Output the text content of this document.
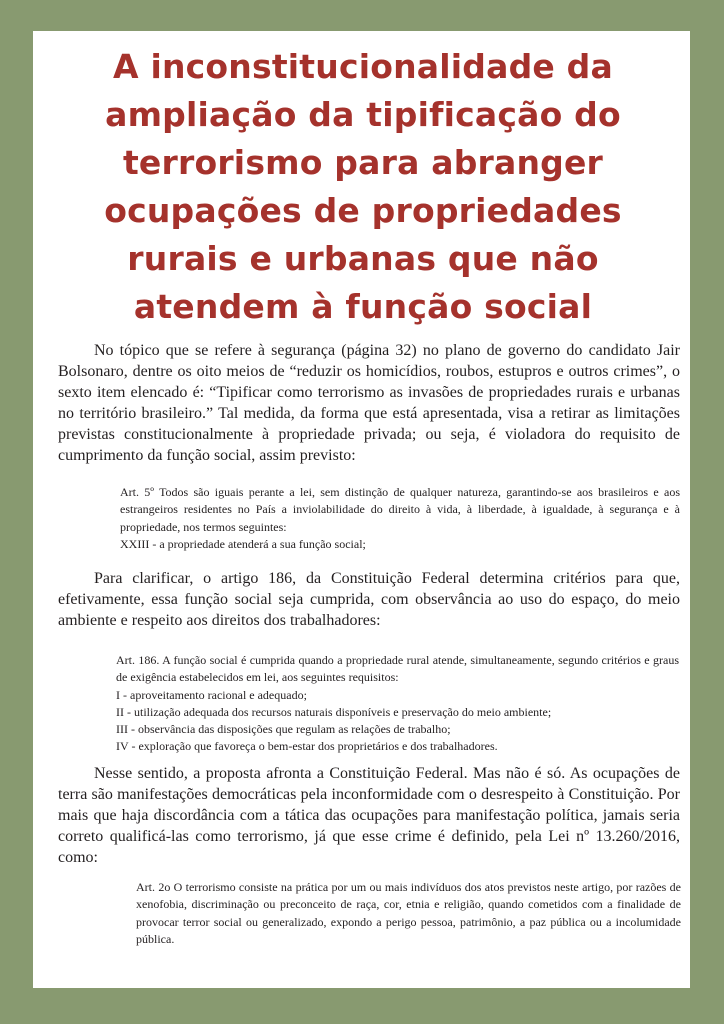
A inconstitucionalidade da ampliação da tipificação do terrorismo para abranger ocupações de propriedades rurais e urbanas que não atendem à função social

No tópico que se refere à segurança (página 32) no plano de governo do candidato Jair Bolsonaro, dentre os oito meios de “reduzir os homicídios, roubos, estupros e outros crimes”, o sexto item elencado é: “Tipificar como terrorismo as invasões de propriedades rurais e urbanas no território brasileiro.” Tal medida, da forma que está apresentada, visa a retirar as limitações previstas constitucionalmente à propriedade privada; ou seja, é violadora do requisito de cumprimento da função social, assim previsto:

Art. 5º Todos são iguais perante a lei, sem distinção de qualquer natureza, garantindo-se aos brasileiros e aos estrangeiros residentes no País a inviolabilidade do direito à vida, à liberdade, à igualdade, à segurança e à propriedade, nos termos seguintes:
XXIII - a propriedade atenderá a sua função social;

Para clarificar, o artigo 186, da Constituição Federal determina critérios para que, efetivamente, essa função social seja cumprida, com observância ao uso do espaço, do meio ambiente e respeito aos direitos dos trabalhadores:

Art. 186. A função social é cumprida quando a propriedade rural atende, simultaneamente, segundo critérios e graus de exigência estabelecidos em lei, aos seguintes requisitos:
I - aproveitamento racional e adequado;
II - utilização adequada dos recursos naturais disponíveis e preservação do meio ambiente;
III - observância das disposições que regulam as relações de trabalho;
IV - exploração que favoreça o bem-estar dos proprietários e dos trabalhadores.

Nesse sentido, a proposta afronta a Constituição Federal. Mas não é só. As ocupações de terra são manifestações democráticas pela inconformidade com o desrespeito à Constituição. Por mais que haja discordância com a tática das ocupações para manifestação política, jamais seria correto qualificá-las como terrorismo, já que esse crime é definido, pela Lei nº 13.260/2016, como:

Art. 2o O terrorismo consiste na prática por um ou mais indivíduos dos atos previstos neste artigo, por razões de xenofobia, discriminação ou preconceito de raça, cor, etnia e religião, quando cometidos com a finalidade de provocar terror social ou generalizado, expondo a perigo pessoa, patrimônio, a paz pública ou a incolumidade pública.
